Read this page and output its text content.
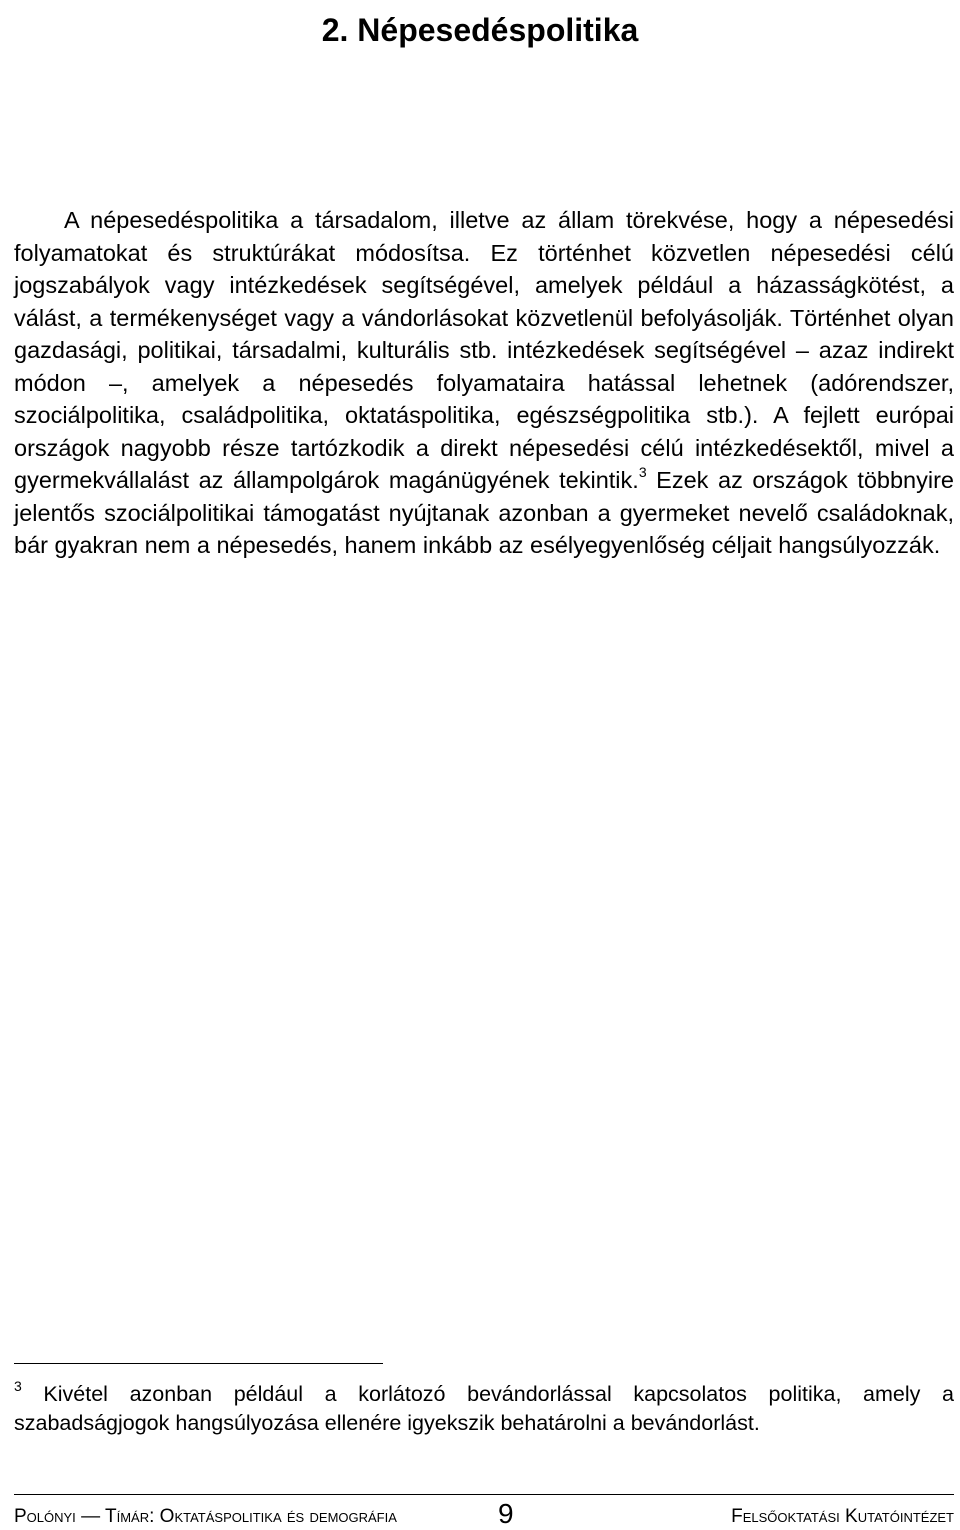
2. Népesedéspolitika

A népesedéspolitika a társadalom, illetve az állam törekvése, hogy a népesedési folyamatokat és struktúrákat módosítsa. Ez történhet közvetlen népesedési célú jogszabályok vagy intézkedések segítségével, amelyek például a házasságkötést, a válást, a termékenységet vagy a vándorlásokat közvetlenül befolyásolják. Történhet olyan gazdasági, politikai, társadalmi, kulturális stb. intézkedések segítségével – azaz indirekt módon –, amelyek a népesedés folyamataira hatással lehetnek (adórendszer, szociálpolitika, családpolitika, oktatáspolitika, egészségpolitika stb.). A fejlett európai országok nagyobb része tartózkodik a direkt népesedési célú intézkedésektől, mivel a gyermekvállalást az állampolgárok magánügyének tekintik.$^3$ Ezek az országok többnyire jelentős szociálpolitikai támogatást nyújtanak azonban a gyermeket nevelő családoknak, bár gyakran nem a népesedés, hanem inkább az esélyegyenlőség céljait hangsúlyozzák.

$^3$ Kivétel azonban például a korlátozó bevándorlással kapcsolatos politika, amely a szabadságjogok hangsúlyozása ellenére igyekszik behatárolni a bevándorlást.
Polónyi — Tímár: Oktatáspolitika és demográfia	9	Felsőoktatási Kutatóintézet
